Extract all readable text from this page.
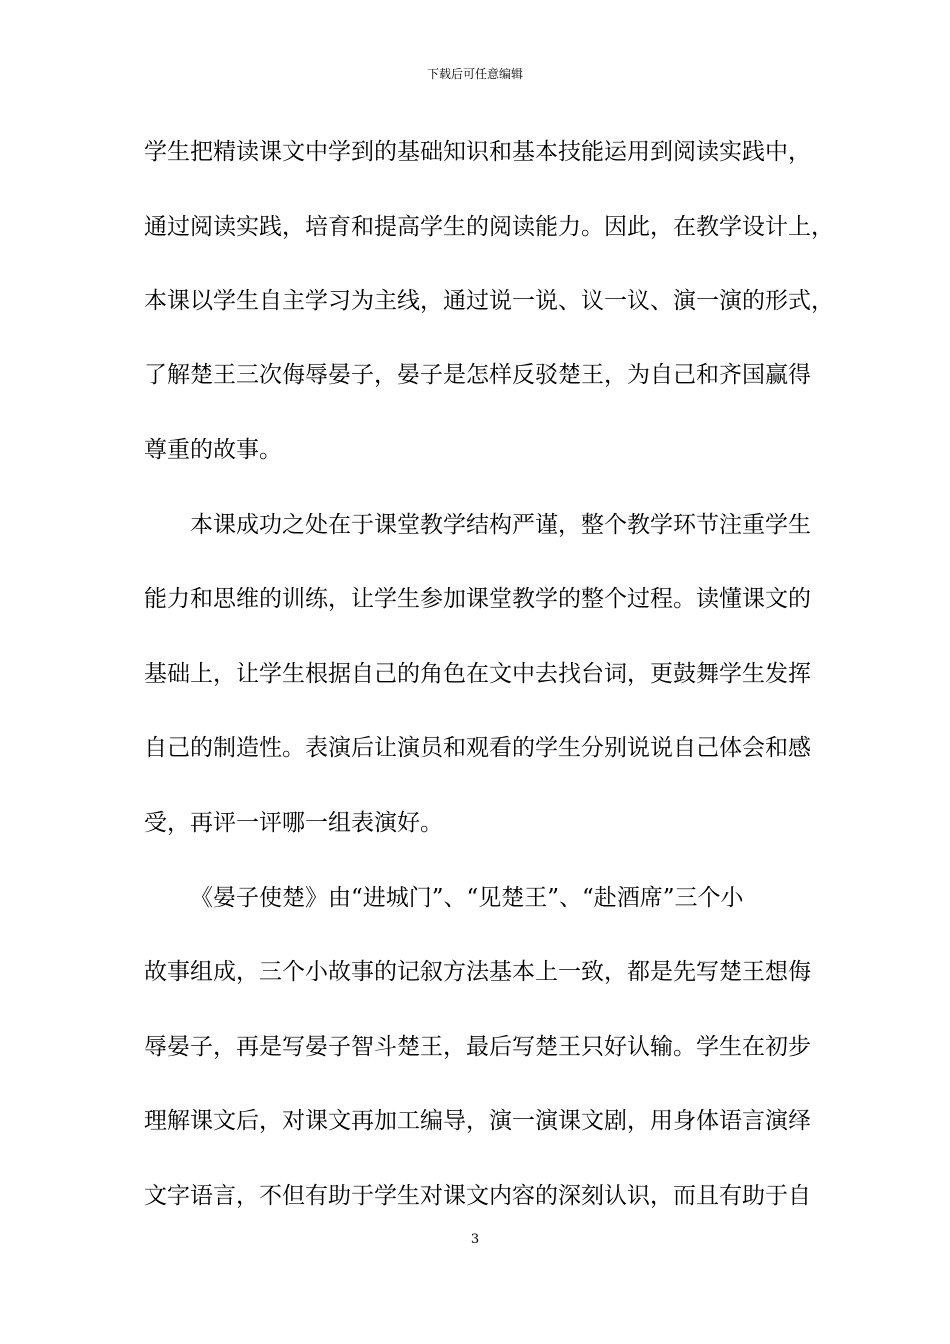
下载后可任意编辑
学生把精读课文中学到的基础知识和基本技能运用到阅读实践中，
通过阅读实践，培育和提高学生的阅读能力。因此，在教学设计上，
本课以学生自主学习为主线，通过说一说、议一议、演一演的形式，
了解楚王三次侮辱晏子，晏子是怎样反驳楚王，为自己和齐国赢得
尊重的故事。
本课成功之处在于课堂教学结构严谨，整个教学环节注重学生
能力和思维的训练，让学生参加课堂教学的整个过程。读懂课文的
基础上，让学生根据自己的角色在文中去找台词，更鼓舞学生发挥
自己的制造性。表演后让演员和观看的学生分别说说自己体会和感
受，再评一评哪一组表演好。
《晏子使楚》由“进城门”、“见楚王”、“赴酒席”三个小
故事组成，三个小故事的记叙方法基本上一致，都是先写楚王想侮
辱晏子，再是写晏子智斗楚王，最后写楚王只好认输。学生在初步
理解课文后，对课文再加工编导，演一演课文剧，用身体语言演绎
文字语言，不但有助于学生对课文内容的深刻认识，而且有助于自
3
